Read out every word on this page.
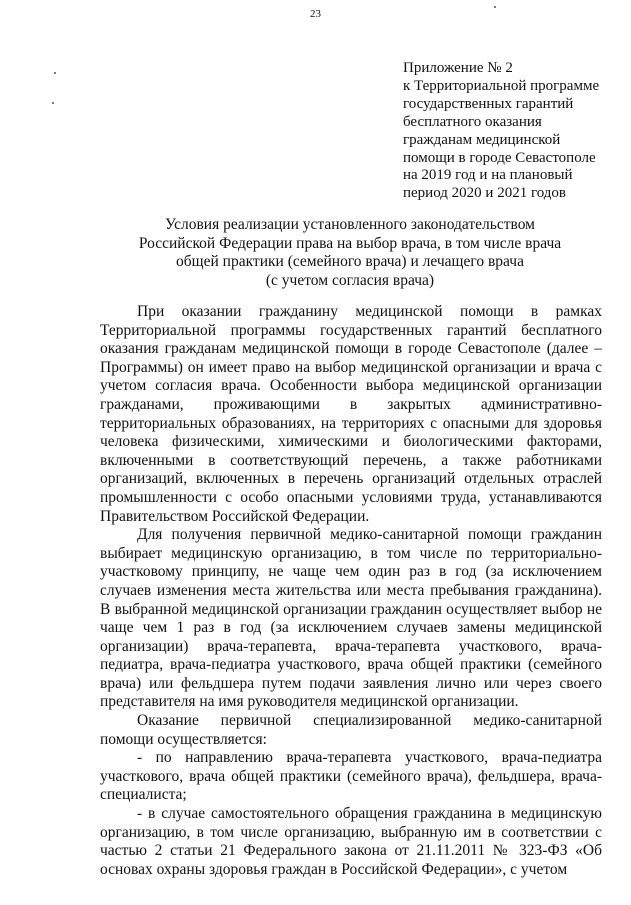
23
Приложение № 2
к Территориальной программе
государственных гарантий
бесплатного оказания
гражданам медицинской
помощи в городе Севастополе
на 2019 год и на плановый
период 2020 и 2021 годов
Условия реализации установленного законодательством
Российской Федерации права на выбор врача, в том числе врача
общей практики (семейного врача) и лечащего врача
(с учетом согласия врача)

При оказании гражданину медицинской помощи в рамках Территориальной программы государственных гарантий бесплатного оказания гражданам медицинской помощи в городе Севастополе (далее – Программы) он имеет право на выбор медицинской организации и врача с учетом согласия врача. Особенности выбора медицинской организации гражданами, проживающими в закрытых административно-территориальных образованиях, на территориях с опасными для здоровья человека физическими, химическими и биологическими факторами, включенными в соответствующий перечень, а также работниками организаций, включенных в перечень организаций отдельных отраслей промышленности с особо опасными условиями труда, устанавливаются Правительством Российской Федерации.

Для получения первичной медико-санитарной помощи гражданин выбирает медицинскую организацию, в том числе по территориально-участковому принципу, не чаще чем один раз в год (за исключением случаев изменения места жительства или места пребывания гражданина). В выбранной медицинской организации гражданин осуществляет выбор не чаще чем 1 раз в год (за исключением случаев замены медицинской организации) врача-терапевта, врача-терапевта участкового, врача-педиатра, врача-педиатра участкового, врача общей практики (семейного врача) или фельдшера путем подачи заявления лично или через своего представителя на имя руководителя медицинской организации.

Оказание первичной специализированной медико-санитарной помощи осуществляется:

- по направлению врача-терапевта участкового, врача-педиатра участкового, врача общей практики (семейного врача), фельдшера, врача-специалиста;

- в случае самостоятельного обращения гражданина в медицинскую организацию, в том числе организацию, выбранную им в соответствии с частью 2 статьи 21 Федерального закона от 21.11.2011 № 323-ФЗ «Об основах охраны здоровья граждан в Российской Федерации», с учетом
